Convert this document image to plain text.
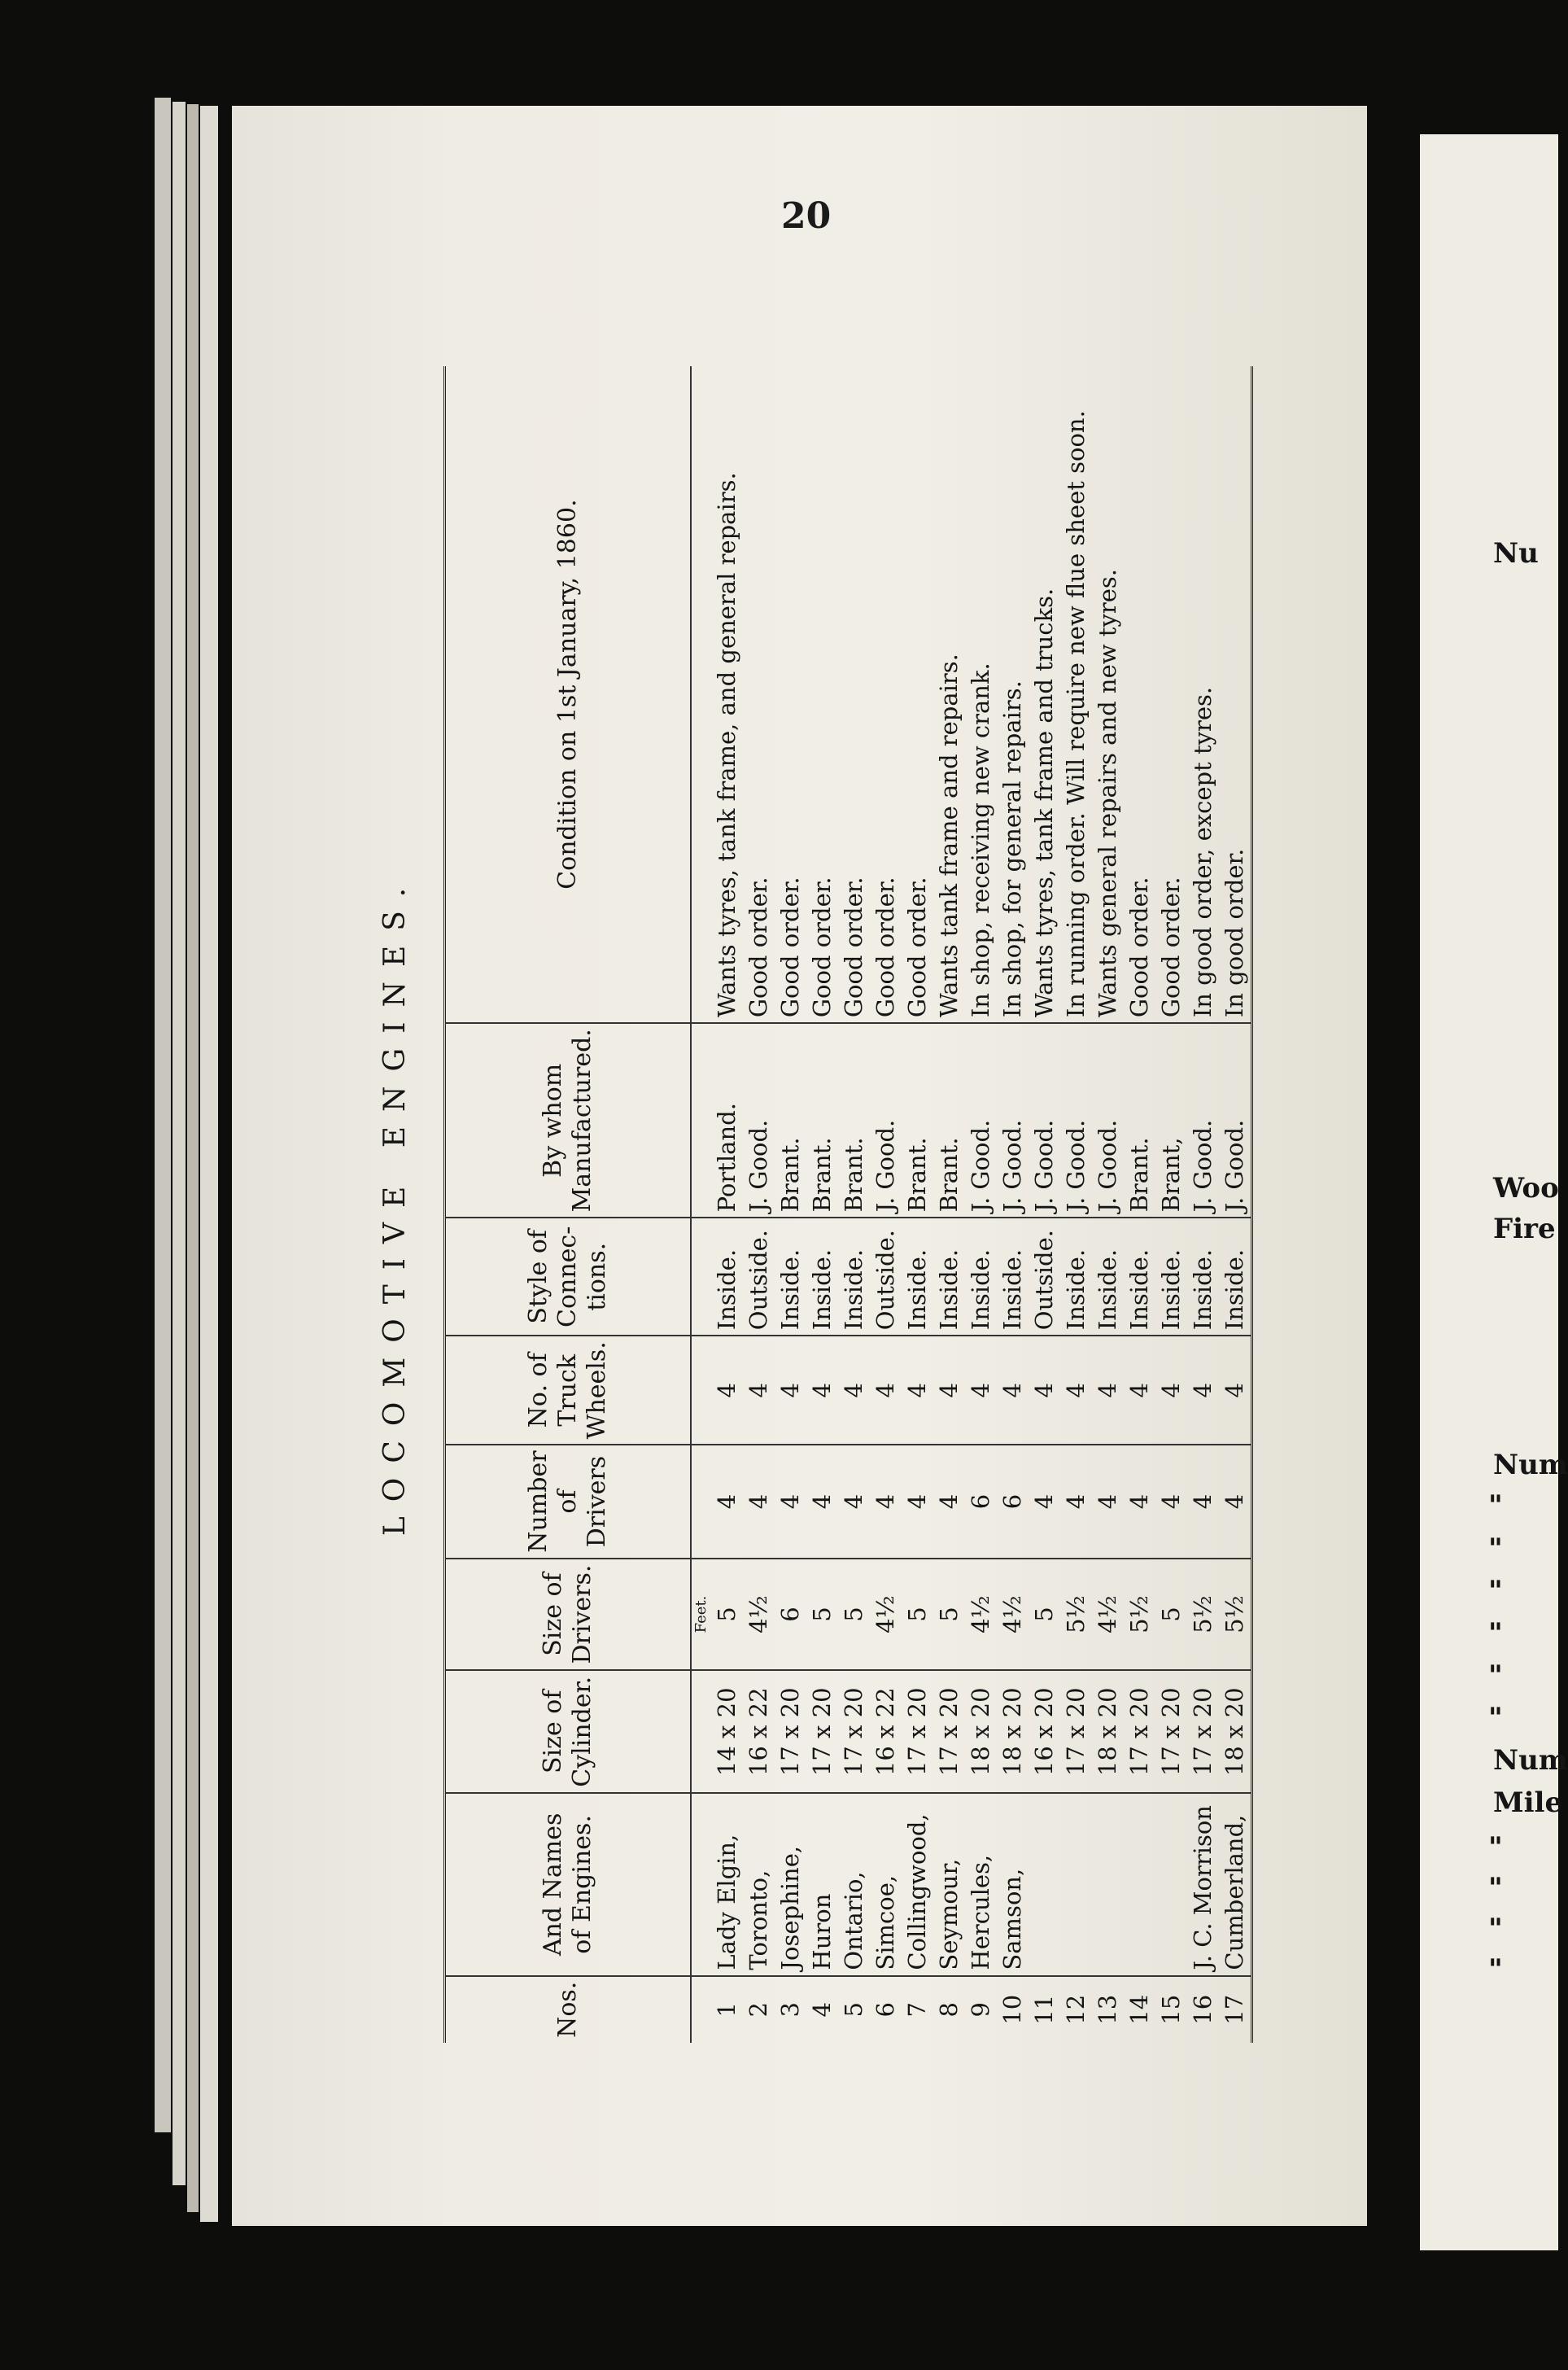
20
LOCOMOTIVE ENGINES.
Nos.	And Names of Engines.	Size of Cylinder.	Size of Drivers.	Number of Drivers	No. of Truck Wheels.	Style of Connec-tions.	By whom Manufactured.	Condition on 1st January, 1860.
			Feet.					
1	Lady Elgin,	14 x 20	5	4	4	Inside.	Portland.	Wants tyres, tank frame, and general repairs.
2	Toronto,	16 x 22	4½	4	4	Outside.	J. Good.	Good order.
3	Josephine,	17 x 20	6	4	4	Inside.	Brant.	Good order.
4	Huron	17 x 20	5	4	4	Inside.	Brant.	Good order.
5	Ontario,	17 x 20	5	4	4	Inside.	Brant.	Good order.
6	Simcoe,	16 x 22	4½	4	4	Outside.	J. Good.	Good order.
7	Collingwood,	17 x 20	5	4	4	Inside.	Brant.	Good order.
8	Seymour,	17 x 20	5	4	4	Inside.	Brant.	Wants tank frame and repairs.
9	Hercules,	18 x 20	4½	6	4	Inside.	J. Good.	In shop, receiving new crank.
10	Samson,	18 x 20	4½	6	4	Inside.	J. Good.	In shop, for general repairs.
11		16 x 20	5	4	4	Outside.	J. Good.	Wants tyres, tank frame and trucks.
12		17 x 20	5½	4	4	Inside.	J. Good.	In running order. Will require new flue sheet soon.
13		18 x 20	4½	4	4	Inside.	J. Good.	Wants general repairs and new tyres.
14		17 x 20	5½	4	4	Inside.	Brant.	Good order.
15		17 x 20	5	4	4	Inside.	Brant,	Good order.
16	J. C. Morrison	17 x 20	5½	4	4	Inside.	J. Good.	In good order, except tyres.
17	Cumberland,	18 x 20	5½	4	4	Inside.	J. Good.	In good order.
Nu
Woo
Fire
Num
"
"
"
"
"
"
Num
Mile
"
"
"
"
